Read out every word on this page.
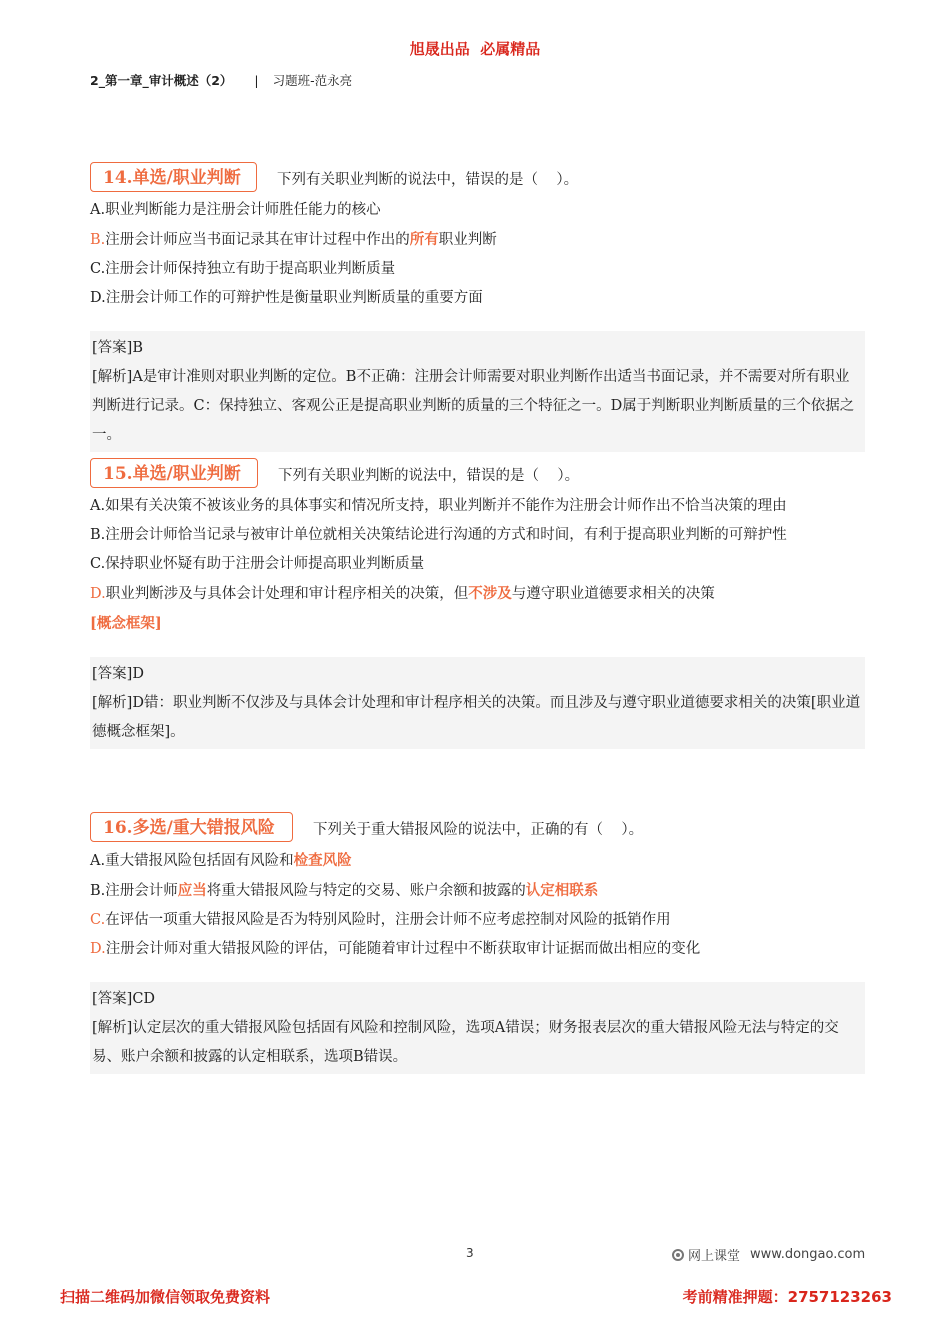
旭晟出品  必属精品
2_第一章_审计概述（2） | 习题班-范永亮
14.单选/职业判断	下列有关职业判断的说法中，错误的是（    ）。
A.职业判断能力是注册会计师胜任能力的核心
B.注册会计师应当书面记录其在审计过程中作出的所有职业判断
C.注册会计师保持独立有助于提高职业判断质量
D.注册会计师工作的可辩护性是衡量职业判断质量的重要方面
[答案]B
[解析]A是审计准则对职业判断的定位。B不正确：注册会计师需要对职业判断作出适当书面记录，并不需要对所有职业判断进行记录。C：保持独立、客观公正是提高职业判断的质量的三个特征之一。D属于判断职业判断质量的三个依据之一。
15.单选/职业判断	下列有关职业判断的说法中，错误的是（    ）。
A.如果有关决策不被该业务的具体事实和情况所支持，职业判断并不能作为注册会计师作出不恰当决策的理由
B.注册会计师恰当记录与被审计单位就相关决策结论进行沟通的方式和时间，有利于提高职业判断的可辩护性
C.保持职业怀疑有助于注册会计师提高职业判断质量
D.职业判断涉及与具体会计处理和审计程序相关的决策，但不涉及与遵守职业道德要求相关的决策
[概念框架]
[答案]D
[解析]D错：职业判断不仅涉及与具体会计处理和审计程序相关的决策。而且涉及与遵守职业道德要求相关的决策[职业道德概念框架]。
16.多选/重大错报风险	下列关于重大错报风险的说法中，正确的有（    ）。
A.重大错报风险包括固有风险和检查风险
B.注册会计师应当将重大错报风险与特定的交易、账户余额和披露的认定相联系
C.在评估一项重大错报风险是否为特别风险时，注册会计师不应考虑控制对风险的抵销作用
D.注册会计师对重大错报风险的评估，可能随着审计过程中不断获取审计证据而做出相应的变化
[答案]CD
[解析]认定层次的重大错报风险包括固有风险和控制风险，选项A错误；财务报表层次的重大错报风险无法与特定的交易、账户余额和披露的认定相联系，选项B错误。
3	网上课堂 www.dongao.com
扫描二维码加微信领取免费资料	考前精准押题：2757123263
